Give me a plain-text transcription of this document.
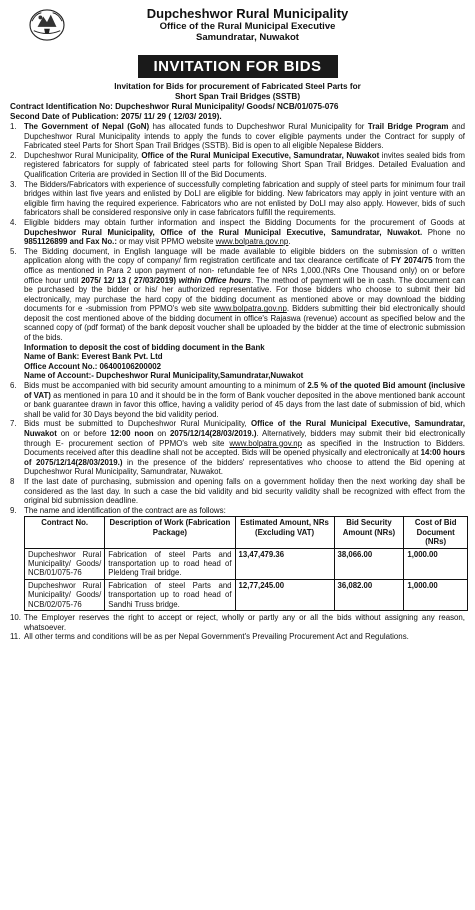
Dupcheshwor Rural Municipality
Office of the Rural Municipal Executive
Samundratar, Nuwakot
INVITATION FOR BIDS
Invitation for Bids for procurement of Fabricated Steel Parts for
Short Span Trail Bridges (SSTB)
Contract Identification No: Dupcheshwor Rural Municipality/ Goods/ NCB/01/075-076
Second Date of Publication: 2075/ 11/ 29 ( 12/03/ 2019).
1. The Government of Nepal (GoN) has allocated funds to Dupcheshwor Rural Municipality for Trail Bridge Program and Dupcheshwor Rural Municipality intends to apply the funds to cover eligible payments under the Contract for supply of Fabricated steel Parts for Short Span Trail Bridges (SSTB). Bid is open to all eligible Nepalese Bidders.
2. Dupcheshwor Rural Municipality, Office of the Rural Municipal Executive, Samundratar, Nuwakot invites sealed bids from registered fabricators for supply of fabricated steel parts for following Short Span Trail Bridges. Detailed Evaluation and Qualification Criteria are provided in Section III of the Bid Documents.
3. The Bidders/Fabricators with experience of successfully completing fabrication and supply of steel parts for minimum four trail bridges within last five years and enlisted by DoLI are eligible for bidding. New fabricators may apply in joint venture with an eligible firm having the required experience. Fabricators who are not enlisted by DoLI may also apply. However, bids of such fabricators shall be considered responsive only in case fabricators fulfill the requirements.
4. Eligible bidders may obtain further information and inspect the Bidding Documents for the procurement of Goods at Dupcheshwor Rural Municipality, Office of the Rural Municipal Executive, Samundratar, Nuwakot. Phone no 9851126899 and Fax No.: or may visit PPMO website www.bolpatra.gov.np.
5. The Bidding document, in English language will be made available to eligible bidders on the submission of o written application along with the copy of company/ firm registration certificate and tax clearance certificate of FY 2074/75 from the office as mentioned in Para 2 upon payment of non- refundable fee of NRs 1,000.(NRs One Thousand only) on or before office hour until 2075/ 12/ 13 ( 27/03/2019) within Office hours. The method of payment will be in cash. The document can be purchased by the bidder or his/ her authorized representative. For those bidders who choose to submit their bid electronically, may purchase the hard copy of the bidding document as mentioned above or may download the bidding documents for e -submission from PPMO's web site www.bolpatra.gov.np. Bidders submitting their bid electronically should deposit the cost mentioned above of the bidding document in office's Rajaswa (revenue) account as specified below and the scanned copy of (pdf format) of the bank deposit voucher shall be uploaded by the bidder at the time of electronic submission of the bids.
Information to deposit the cost of bidding document in the Bank
Name of Bank: Everest Bank Pvt. Ltd
Office Account No.: 06400106200002
Name of Account:- Dupcheshwor Rural Municipality,Samundratar,Nuwakot
6. Bids must be accompanied with bid security amount amounting to a minimum of 2.5 % of the quoted Bid amount (inclusive of VAT) as mentioned in para 10 and it should be in the form of Bank voucher deposited in the above mentioned bank account or bank guarantee drawn in favor this office, having a validity period of 45 days from the last date of submission of bid, which shall be valid for 30 Days beyond the bid validity period.
7. Bids must be submitted to Dupcheshwor Rural Municipality, Office of the Rural Municipal Executive, Samundratar, Nuwakot on or before 12:00 noon on 2075/12/14(28/03/2019.). Alternatively, bidders may submit their bid electronically through E- procurement section of PPMO's web site www.bolpatra.gov.np as specified in the Instruction to Bidders. Documents received after this deadline shall not be accepted. Bids will be opened physically and electronically at 14:00 hours of 2075/12/14(28/03/2019.) in the presence of the bidders' representatives who choose to attend the Bid opening at Dupcheshwor Rural Municipality, Samundratar, Nuwakot.
8	If the last date of purchasing, submission and opening falls on a government holiday then the next working day shall be considered as the last day. In such a case the bid validity and bid security validity shall be recognized with effect from the original bid submission deadline.
9. The name and identification of the contract are as follows:
Contract No.	Description of Work (Fabrication Package)	Estimated Amount, NRs (Excluding VAT)	Bid Security Amount (NRs)	Cost of Bid Document (NRs)
Dupcheshwor Rural Municipality/ Goods/ NCB/01/075-76	Fabrication of steel Parts and transportation up to road head of Pleldeng Trail bridge.	13,47,479.36	38,066.00	1,000.00
Dupcheshwor Rural Municipality/ Goods/ NCB/02/075-76	Fabrication of steel Parts and transportation up to road head of Sandhi Truss bridge.	12,77,245.00	36,082.00	1,000.00
10. The Employer reserves the right to accept or reject, wholly or partly any or all the bids without assigning any reason, whatsoever.
11. All other terms and conditions will be as per Nepal Government's Prevailing Procurement Act and Regulations.
